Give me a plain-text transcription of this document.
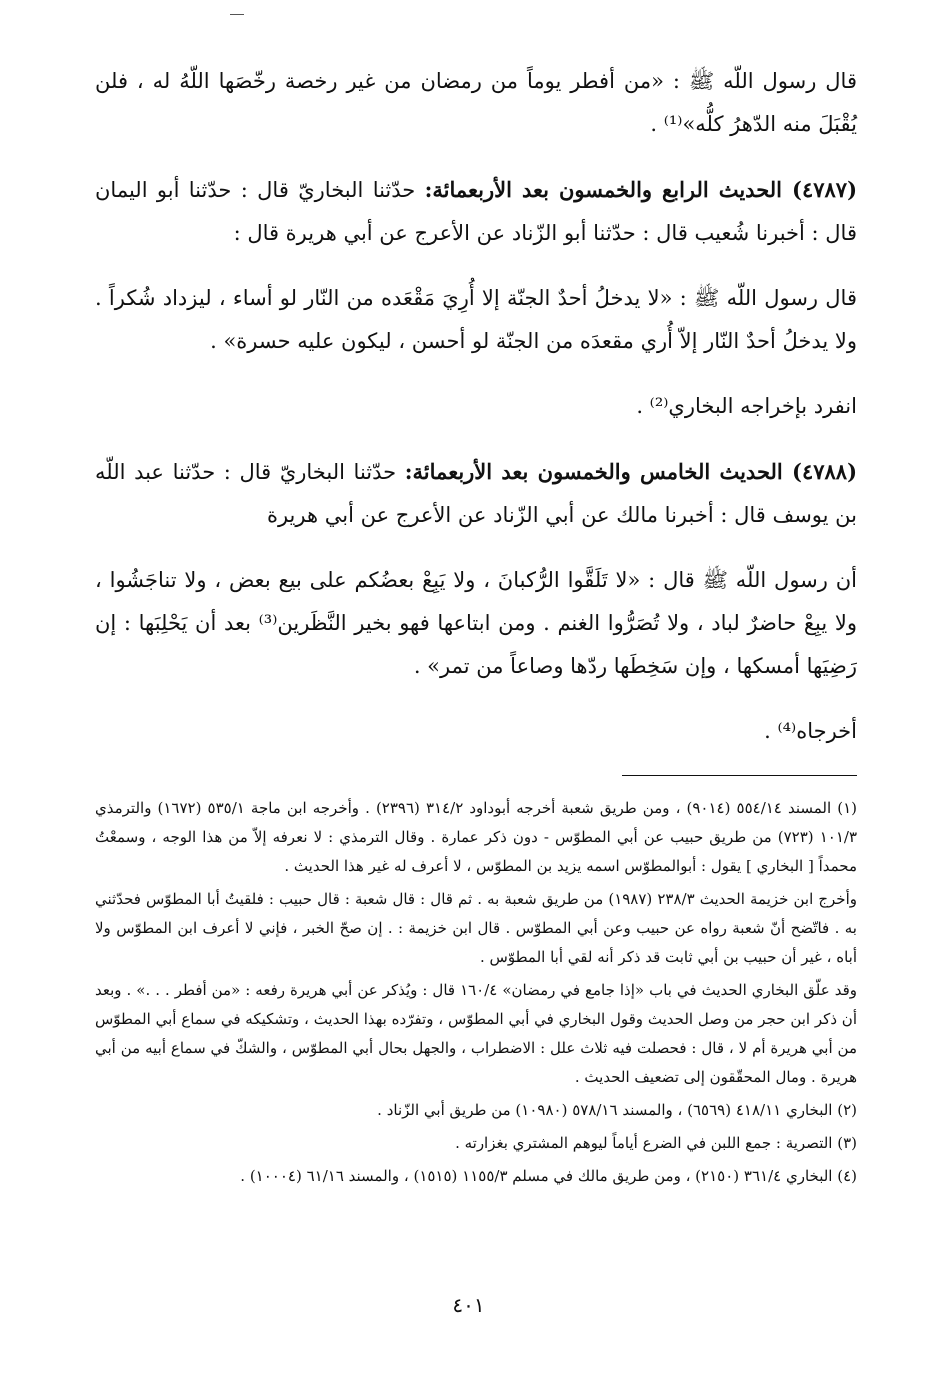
قال رسول اللّه ﷺ : «من أفطر يوماً من رمضان من غير رخصة رخّصَها اللّهُ له ، فلن يُقْبَلَ منه الدّهرُ كلُّه»⁽¹⁾ .

(٤٧٨٧) الحديث الرابع والخمسون بعد الأربعمائة: حدّثنا البخاريّ قال : حدّثنا أبو اليمان قال : أخبرنا شُعيب قال : حدّثنا أبو الزّناد عن الأعرج عن أبي هريرة قال :

قال رسول اللّه ﷺ : «لا يدخلُ أحدٌ الجنّة إلا أُرِيَ مَقْعَده من النّار لو أساء ، ليزداد شُكراً . ولا يدخلُ أحدٌ النّار إلاّ أُري مقعدَه من الجنّة لو أحسن ، ليكون عليه حسرة» .

انفرد بإخراجه البخاري⁽²⁾ .

(٤٧٨٨) الحديث الخامس والخمسون بعد الأربعمائة: حدّثنا البخاريّ قال : حدّثنا عبد اللّه بن يوسف قال : أخبرنا مالك عن أبي الزّناد عن الأعرج عن أبي هريرة

أن رسول اللّه ﷺ قال : «لا تَلَقَّوا الرُّكبانَ ، ولا يَبِعْ بعضُكم على بيع بعض ، ولا تناجَشُوا ، ولا يبِعْ حاضرٌ لباد ، ولا تُصَرُّوا الغنم . ومن ابتاعها فهو بخير النَّظَرين⁽³⁾ بعد أن يَحْلِبَها : إن رَضِيَها أمسكها ، وإن سَخِطَها ردّها وصاعاً من تمر» .

أخرجاه⁽⁴⁾ .

(١) المسند ٥٥٤/١٤ (٩٠١٤) ، ومن طريق شعبة أخرجه أبوداود ٣١٤/٢ (٢٣٩٦) . وأخرجه ابن ماجة ٥٣٥/١ (١٦٧٢) والترمذي ١٠١/٣ (٧٢٣) من طريق حبيب عن أبي المطوّس - دون ذكر عمارة . وقال الترمذي : لا نعرفه إلاّ من هذا الوجه ، وسمعْتُ محمداً [ البخاري ] يقول : أبوالمطوّس اسمه يزيد بن المطوّس ، لا أعرف له غير هذا الحديث .

وأخرج ابن خزيمة الحديث ٢٣٨/٣ (١٩٨٧) من طريق شعبة به . ثم قال : قال شعبة : قال حبيب : فلقيتُ أبا المطوّس فحدّثني به . فاتّضح أنّ شعبة رواه عن حبيب وعن أبي المطوّس . قال ابن خزيمة : . إن صحّ الخبر ، فإني لا أعرف ابن المطوّس ولا أباه ، غير أن حبيب بن أبي ثابت قد ذكر أنه لقي أبا المطوّس .

وقد علّق البخاري الحديث في باب «إذا جامع في رمضان» ١٦٠/٤ قال : ويُذكر عن أبي هريرة رفعه : «من أفطر . . .» . وبعد أن ذكر ابن حجر من وصل الحديث وقول البخاري في أبي المطوّس ، وتفرّده بهذا الحديث ، وتشكيكه في سماع أبي المطوّس من أبي هريرة أم لا ، قال : فحصلت فيه ثلاث علل : الاضطراب ، والجهل بحال أبي المطوّس ، والشكّ في سماع أبيه من أبي هريرة . ومال المحقّقون إلى تضعيف الحديث .

(٢) البخاري ٤١٨/١١ (٦٥٦٩) ، والمسند ٥٧٨/١٦ (١٠٩٨٠) من طريق أبي الزّناد .

(٣) التصرية : جمع اللبن في الضرع أياماً ليوهم المشتري بغزارته .

(٤) البخاري ٣٦١/٤ (٢١٥٠) ، ومن طريق مالك في مسلم ١١٥٥/٣ (١٥١٥) ، والمسند ٦١/١٦ (١٠٠٠٤) .

٤٠١
